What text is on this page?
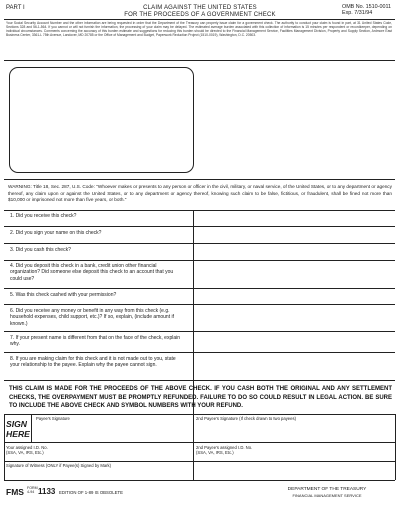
PART I	CLAIM AGAINST THE UNITED STATES
FOR THE PROCEEDS OF A GOVERNMENT CHECK
OMB No. 1510-0011
Exp. 7/31/94
Your Social Security Account Number and the other information are being requested in order that the Department of the Treasury can properly issue claim for a government check. The authority to conduct your claim is found in part, at 31 United States Code, Sections 328 and 56-1-564. If you cannot or will not furnish the information, the processing of your claim may be delayed. The estimated average burden associated with this collection of information is 15 minutes per respondent or recordkeeper, depending on individual circumstances. Comments concerning the accuracy of this burden estimate and suggestions for reducing this burden should be directed to the Financial Management Service, Facilities Management Division, Property and Supply Section, Ardmore East Business Center, 3361-L 75th Avenue, Landover, MD 20785 or the Office of Management and Budget, Paperwork Reduction Project (1510-0019), Washington, D.C. 20503.
WARNING: Title 18, Sec. 287, U.S. Code: "Whoever makes or presents to any person or officer in the civil, military, or naval service, of the United States, or to any department or agency thereof, any claim upon or against the United States, or to any department or agency thereof, knowing such claim to be false, fictitious, or fraudulent, shall be fined not more than $10,000 or imprisoned not more than five years, or both."
1. Did you receive this check?
2. Did you sign your name on this check?
3. Did you cash this check?
4. Did you deposit this check in a bank, credit union other financial organization? Did someone else deposit this check to an account that you could use?
5. Was this check cashed with your permission?
6. Did you receive any money or benefit in any way from this check (e.g. household expenses, child support, etc.)? If so, explain, (include amount if known.)
7. If your present name is different from that on the face of the check, explain why.
8. If you are making claim for this check and it is not made out to you, state your relationship to the payee. Explain why the payee cannot sign.
THIS CLAIM IS MADE FOR THE PROCEEDS OF THE ABOVE CHECK. IF YOU CASH BOTH THE ORIGINAL AND ANY SETTLEMENT CHECKS, THE OVERPAYMENT MUST BE PROMPTLY REFUNDED. FAILURE TO DO SO COULD RESULT IN LEGAL ACTION. BE SURE TO INCLUDE THE ABOVE CHECK AND SYMBOL NUMBERS WITH YOUR REFUND.
SIGN
HERE
Payee's Signature	2nd Payee's Signature (If check drawn to two payees)
Your assigned I.D. No.
(SSA, VA, IRS, Etc.)
2nd Payee's assigned I.D. No.
(SSA, VA, IRS, Etc.)
Signature of Witness (ONLY if Payee(s) Signed by Mark)
FMS FORM
4-94 1133 EDITION OF 1-89 IS OBSOLETE
DEPARTMENT OF THE TREASURY
FINANCIAL MANAGEMENT SERVICE
